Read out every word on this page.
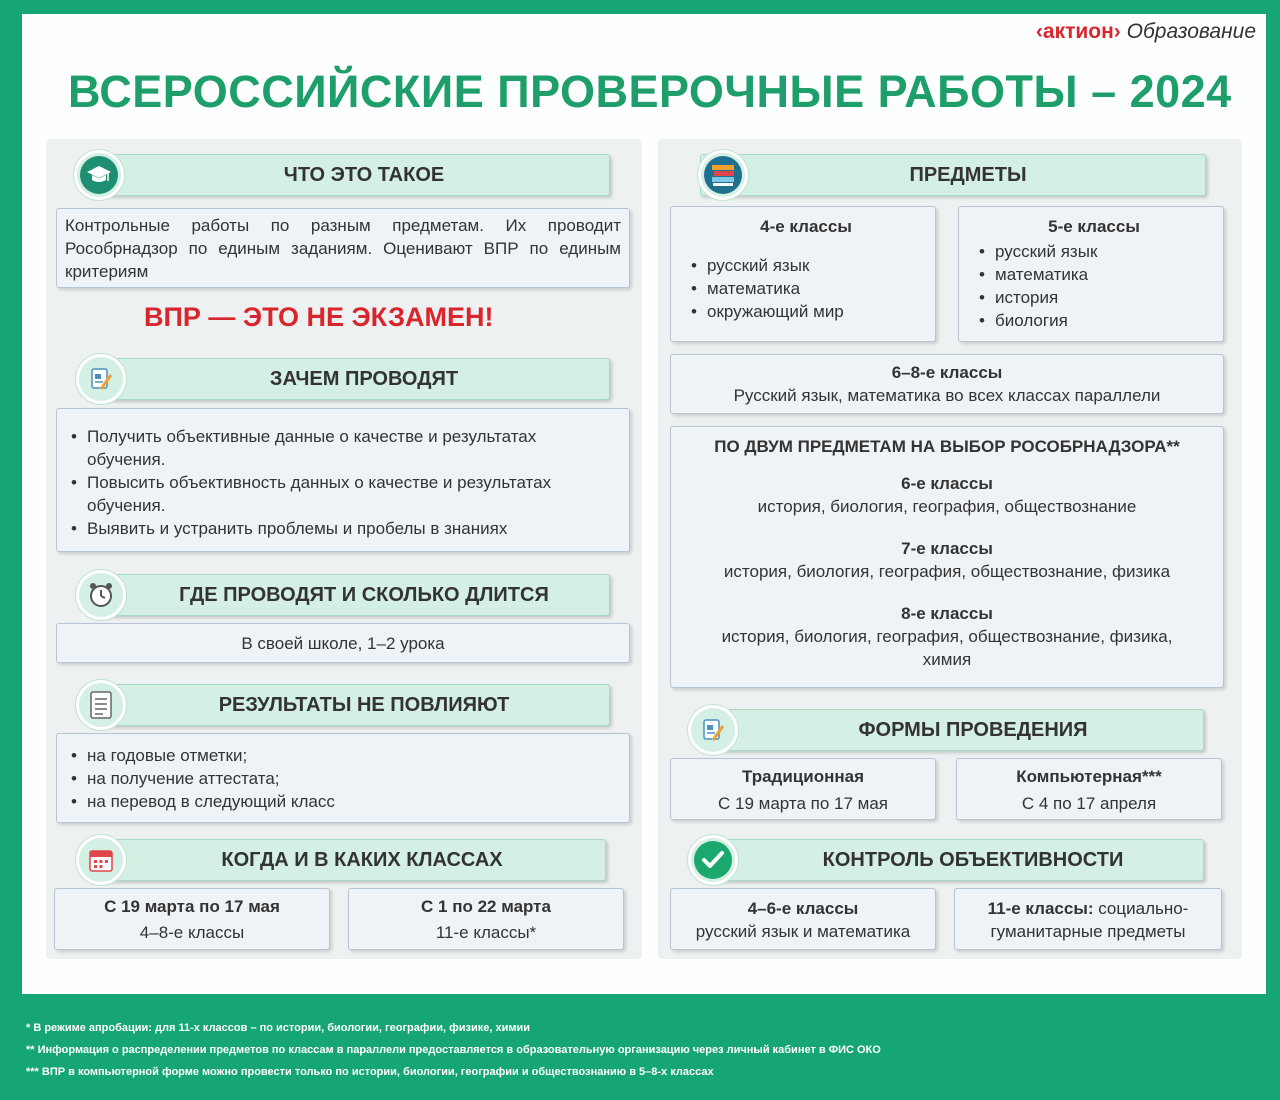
‹актион› Образование
ВСЕРОССИЙСКИЕ ПРОВЕРОЧНЫЕ РАБОТЫ – 2024
ЧТО ЭТО ТАКОЕ
Контрольные работы по разным предметам. Их проводит Рособрнадзор по единым заданиям. Оценивают ВПР по единым критериям
ВПР — ЭТО НЕ ЭКЗАМЕН!
ЗАЧЕМ ПРОВОДЯТ
• Получить объективные данные о качестве и результатах обучения.
• Повысить объективность данных о качестве и результатах обучения.
• Выявить и устранить проблемы и пробелы в знаниях
ГДЕ ПРОВОДЯТ И СКОЛЬКО ДЛИТСЯ
В своей школе, 1–2 урока
РЕЗУЛЬТАТЫ НЕ ПОВЛИЯЮТ
• на годовые отметки;
• на получение аттестата;
• на перевод в следующий класс
КОГДА И В КАКИХ КЛАССАХ
С 19 марта по 17 мая
4–8-е классы
С 1 по 22 марта
11-е классы*
ПРЕДМЕТЫ
4-е классы
• русский язык
• математика
• окружающий мир
5-е классы
• русский язык
• математика
• история
• биология
6–8-е классы
Русский язык, математика во всех классах параллели
ПО ДВУМ ПРЕДМЕТАМ НА ВЫБОР РОСОБРНАДЗОРА**
6-е классы
история, биология, география, обществознание
7-е классы
история, биология, география, обществознание, физика
8-е классы
история, биология, география, обществознание, физика, химия
ФОРМЫ ПРОВЕДЕНИЯ
Традиционная
С 19 марта по 17 мая
Компьютерная***
С 4 по 17 апреля
КОНТРОЛЬ ОБЪЕКТИВНОСТИ
4–6-е классы
русский язык и математика
11-е классы: социально-гуманитарные предметы
* В режиме апробации: для 11-х классов – по истории, биологии, географии, физике, химии
** Информация о распределении предметов по классам в параллели предоставляется в образовательную организацию через личный кабинет в ФИС ОКО
*** ВПР в компьютерной форме можно провести только по истории, биологии, географии и обществознанию в 5–8-х классах
